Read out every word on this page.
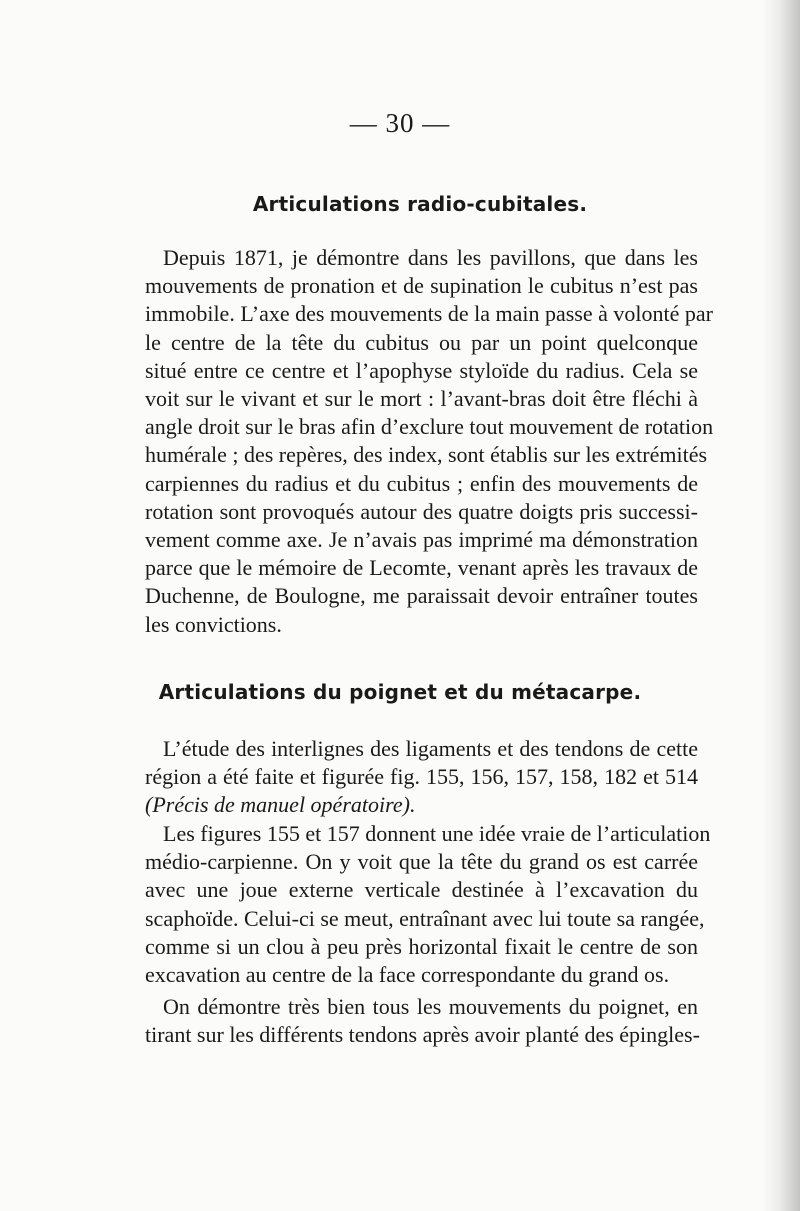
— 30 —
Articulations radio-cubitales.
Depuis 1871, je démontre dans les pavillons, que dans les
mouvements de pronation et de supination le cubitus n’est pas
immobile. L’axe des mouvements de la main passe à volonté par
le centre de la tête du cubitus ou par un point quelconque
situé entre ce centre et l’apophyse styloïde du radius. Cela se
voit sur le vivant et sur le mort : l’avant-bras doit être fléchi à
angle droit sur le bras afin d’exclure tout mouvement de rotation
humérale ; des repères, des index, sont établis sur les extrémités
carpiennes du radius et du cubitus ; enfin des mouvements de
rotation sont provoqués autour des quatre doigts pris successi-
vement comme axe. Je n’avais pas imprimé ma démonstration
parce que le mémoire de Lecomte, venant après les travaux de
Duchenne, de Boulogne, me paraissait devoir entraîner toutes
les convictions.
Articulations du poignet et du métacarpe.
L’étude des interlignes des ligaments et des tendons de cette
région a été faite et figurée fig. 155, 156, 157, 158, 182 et 514
(Précis de manuel opératoire).
Les figures 155 et 157 donnent une idée vraie de l’articulation
médio-carpienne. On y voit que la tête du grand os est carrée
avec une joue externe verticale destinée à l’excavation du
scaphoïde. Celui-ci se meut, entraînant avec lui toute sa rangée,
comme si un clou à peu près horizontal fixait le centre de son
excavation au centre de la face correspondante du grand os.
On démontre très bien tous les mouvements du poignet, en
tirant sur les différents tendons après avoir planté des épingles-
